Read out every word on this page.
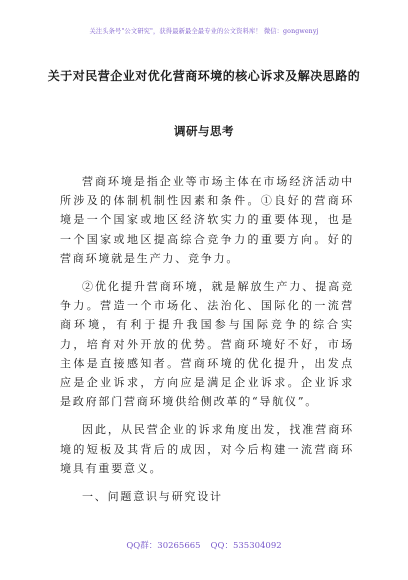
关注头条号"公文研究"，获得最新最全最专业的公文资料库！ 微信：gongwenyj
关于对民营企业对优化营商环境的核心诉求及解决思路的
调研与思考

营商环境是指企业等市场主体在市场经济活动中所涉及的体制机制性因素和条件。①良好的营商环境是一个国家或地区经济软实力的重要体现，也是一个国家或地区提高综合竞争力的重要方向。好的营商环境就是生产力、竞争力。

②优化提升营商环境，就是解放生产力、提高竞争力。营造一个市场化、法治化、国际化的一流营商环境，有利于提升我国参与国际竞争的综合实力，培育对外开放的优势。营商环境好不好，市场主体是直接感知者。营商环境的优化提升，出发点应是企业诉求，方向应是满足企业诉求。企业诉求是政府部门营商环境供给侧改革的“导航仪”。

因此，从民营企业的诉求角度出发，找准营商环境的短板及其背后的成因，对今后构建一流营商环境具有重要意义。

一、问题意识与研究设计

QQ群：30265665 QQ：535304092
